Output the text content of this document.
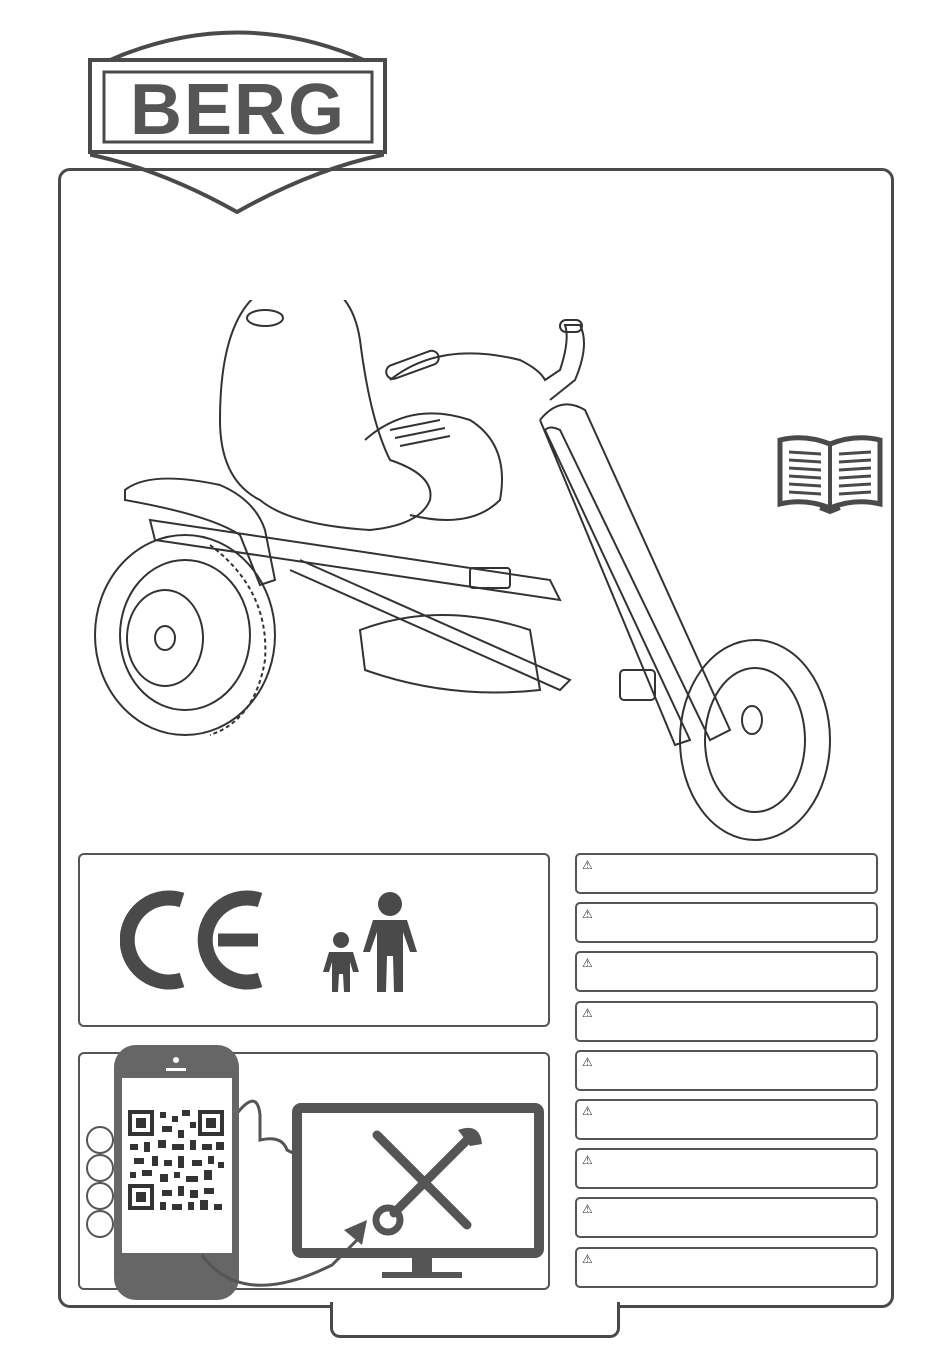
BERG
⚠
⚠
⚠
⚠
⚠
⚠
⚠
⚠
⚠
